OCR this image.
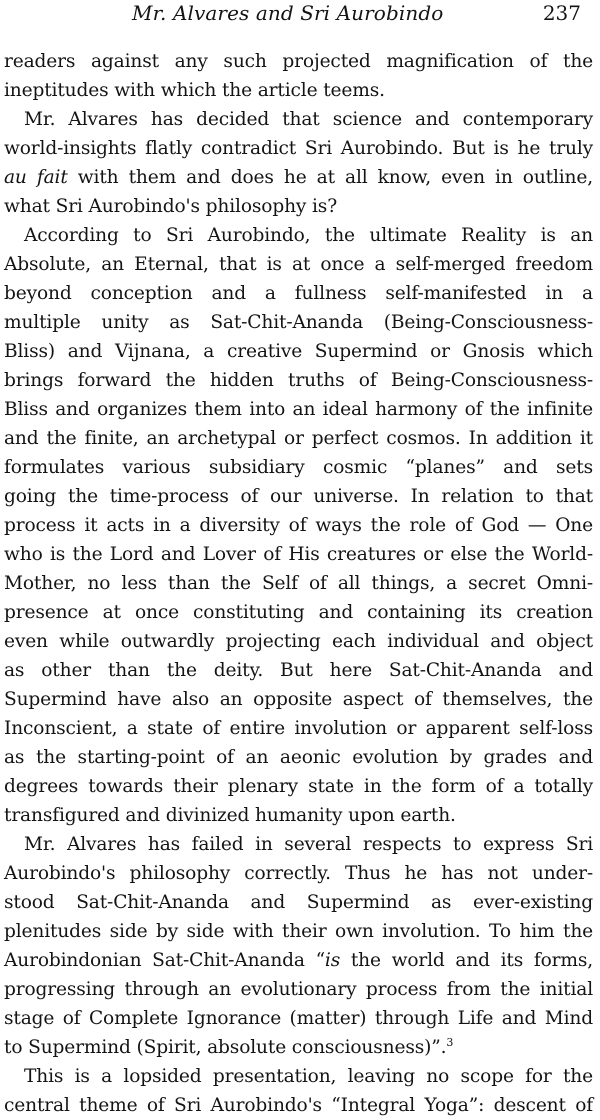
Mr. Alvares and Sri Aurobindo	237
readers against any such projected magnification of the
ineptitudes with which the article teems.
Mr. Alvares has decided that science and contemporary
world-insights flatly contradict Sri Aurobindo. But is he truly
au fait with them and does he at all know, even in outline,
what Sri Aurobindo's philosophy is?
According to Sri Aurobindo, the ultimate Reality is an
Absolute, an Eternal, that is at once a self-merged freedom
beyond conception and a fullness self-manifested in a
multiple unity as Sat-Chit-Ananda (Being-Consciousness-
Bliss) and Vijnana, a creative Supermind or Gnosis which
brings forward the hidden truths of Being-Consciousness-
Bliss and organizes them into an ideal harmony of the infinite
and the finite, an archetypal or perfect cosmos. In addition it
formulates various subsidiary cosmic “planes” and sets
going the time-process of our universe. In relation to that
process it acts in a diversity of ways the role of God — One
who is the Lord and Lover of His creatures or else the World-
Mother, no less than the Self of all things, a secret Omni-
presence at once constituting and containing its creation
even while outwardly projecting each individual and object
as other than the deity. But here Sat-Chit-Ananda and
Supermind have also an opposite aspect of themselves, the
Inconscient, a state of entire involution or apparent self-loss
as the starting-point of an aeonic evolution by grades and
degrees towards their plenary state in the form of a totally
transfigured and divinized humanity upon earth.
Mr. Alvares has failed in several respects to express Sri
Aurobindo's philosophy correctly. Thus he has not under-
stood Sat-Chit-Ananda and Supermind as ever-existing
plenitudes side by side with their own involution. To him the
Aurobindonian Sat-Chit-Ananda “is the world and its forms,
progressing through an evolutionary process from the initial
stage of Complete Ignorance (matter) through Life and Mind
to Supermind (Spirit, absolute consciousness)”.$^3$
This is a lopsided presentation, leaving no scope for the
central theme of Sri Aurobindo's “Integral Yoga”: descent of
